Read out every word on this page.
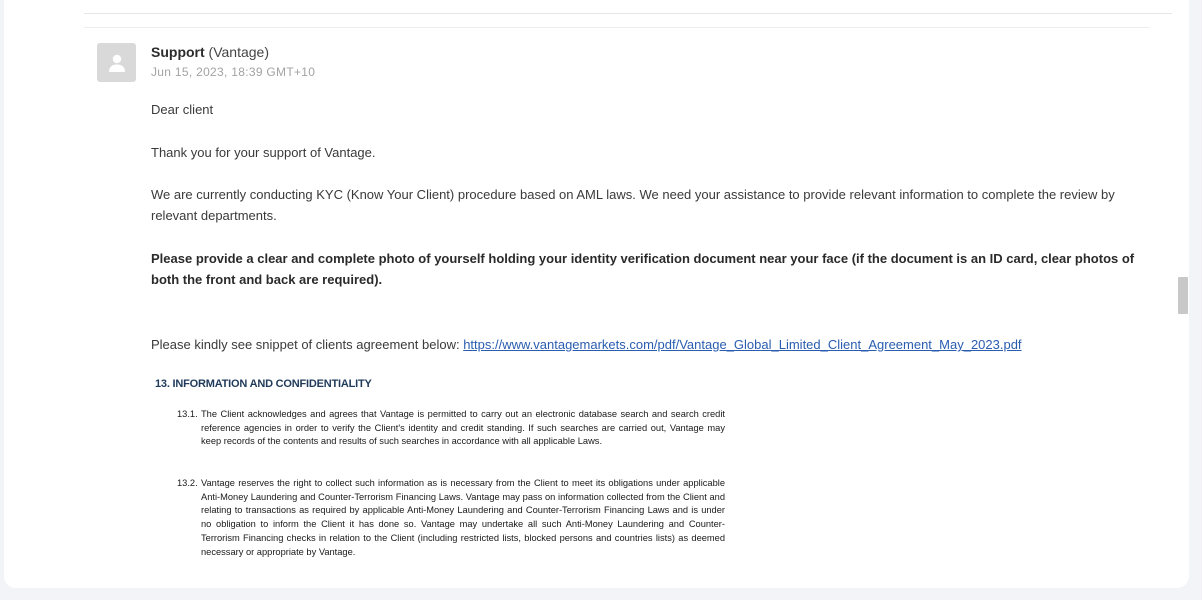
Support (Vantage)
Jun 15, 2023, 18:39 GMT+10
Dear client
Thank you for your support of Vantage.
We are currently conducting KYC (Know Your Client) procedure based on AML laws. We need your assistance to provide relevant information to complete the review by relevant departments.
Please provide a clear and complete photo of yourself holding your identity verification document near your face (if the document is an ID card, clear photos of both the front and back are required).
Please kindly see snippet of clients agreement below: https://www.vantagemarkets.com/pdf/Vantage_Global_Limited_Client_Agreement_May_2023.pdf
13. INFORMATION AND CONFIDENTIALITY
13.1. The Client acknowledges and agrees that Vantage is permitted to carry out an electronic database search and search credit reference agencies in order to verify the Client's identity and credit standing. If such searches are carried out, Vantage may keep records of the contents and results of such searches in accordance with all applicable Laws.
13.2. Vantage reserves the right to collect such information as is necessary from the Client to meet its obligations under applicable Anti-Money Laundering and Counter-Terrorism Financing Laws. Vantage may pass on information collected from the Client and relating to transactions as required by applicable Anti-Money Laundering and Counter-Terrorism Financing Laws and is under no obligation to inform the Client it has done so. Vantage may undertake all such Anti-Money Laundering and Counter-Terrorism Financing checks in relation to the Client (including restricted lists, blocked persons and countries lists) as deemed necessary or appropriate by Vantage.
